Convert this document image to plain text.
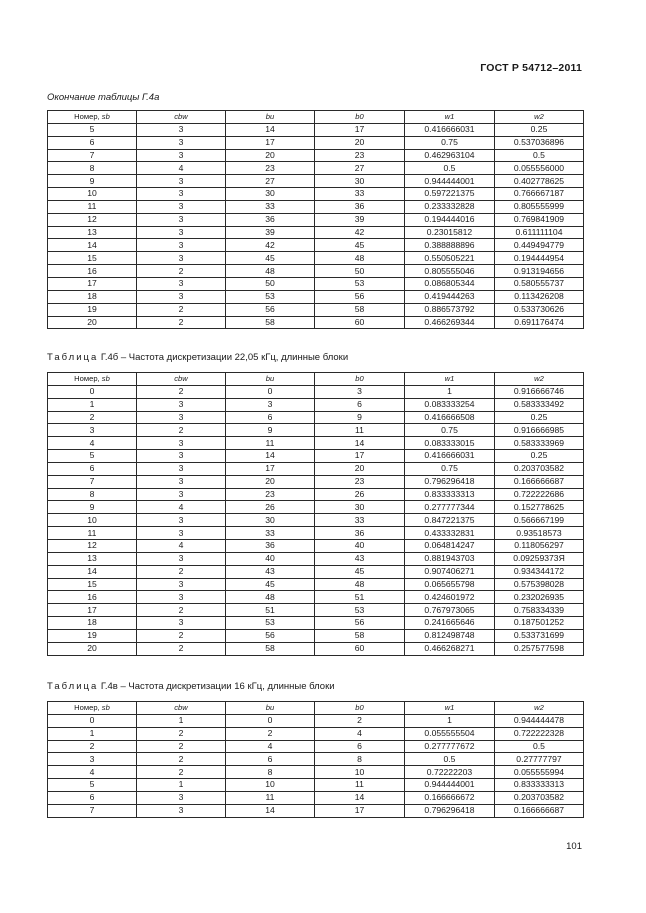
ГОСТ Р 54712–2011
Окончание таблицы Г.4а
Номер, sb	cbw	bu	b0	w1	w2
5	3	14	17	0.416666031	0.25
6	3	17	20	0.75	0.537036896
7	3	20	23	0.462963104	0.5
8	4	23	27	0.5	0.055556000
9	3	27	30	0.944444001	0.402778625
10	3	30	33	0.597221375	0.766667187
11	3	33	36	0.233332828	0.805555999
12	3	36	39	0.194444016	0.769841909
13	3	39	42	0.23015812	0.611111104
14	3	42	45	0.388888896	0.449494779
15	3	45	48	0.550505221	0.194444954
16	2	48	50	0.805555046	0.913194656
17	3	50	53	0.086805344	0.580555737
18	3	53	56	0.419444263	0.113426208
19	2	56	58	0.886573792	0.533730626
20	2	58	60	0.466269344	0.691176474
Таблица Г.4б – Частота дискретизации 22,05 кГц, длинные блоки
Номер, sb	cbw	bu	b0	w1	w2
0	2	0	3	1	0.916666746
1	3	3	6	0.083333254	0.583333492
2	3	6	9	0.416666508	0.25
3	2	9	11	0.75	0.916666985
4	3	11	14	0.083333015	0.583333969
5	3	14	17	0.416666031	0.25
6	3	17	20	0.75	0.203703582
7	3	20	23	0.796296418	0.166666687
8	3	23	26	0.833333313	0.722222686
9	4	26	30	0.277777344	0.152778625
10	3	30	33	0.847221375	0.566667199
11	3	33	36	0.433332831	0.93518573
12	4	36	40	0.064814247	0.118056297
13	3	40	43	0.881943703	0.09259373Я
14	2	43	45	0.907406271	0.934344172
15	3	45	48	0.065655798	0.575398028
16	3	48	51	0.424601972	0.232026935
17	2	51	53	0.767973065	0.758334339
18	3	53	56	0.241665646	0.187501252
19	2	56	58	0.812498748	0.533731699
20	2	58	60	0.466268271	0.257577598
Таблица Г.4в – Частота дискретизации 16 кГц, длинные блоки
Номер, sb	cbw	bu	b0	w1	w2
0	1	0	2	1	0.944444478
1	2	2	4	0.055555504	0.722222328
2	2	4	6	0.277777672	0.5
3	2	6	8	0.5	0.27777797
4	2	8	10	0.72222203	0.055555994
5	1	10	11	0.944444001	0.833333313
6	3	11	14	0.166666672	0.203703582
7	3	14	17	0.796296418	0.166666687
101
